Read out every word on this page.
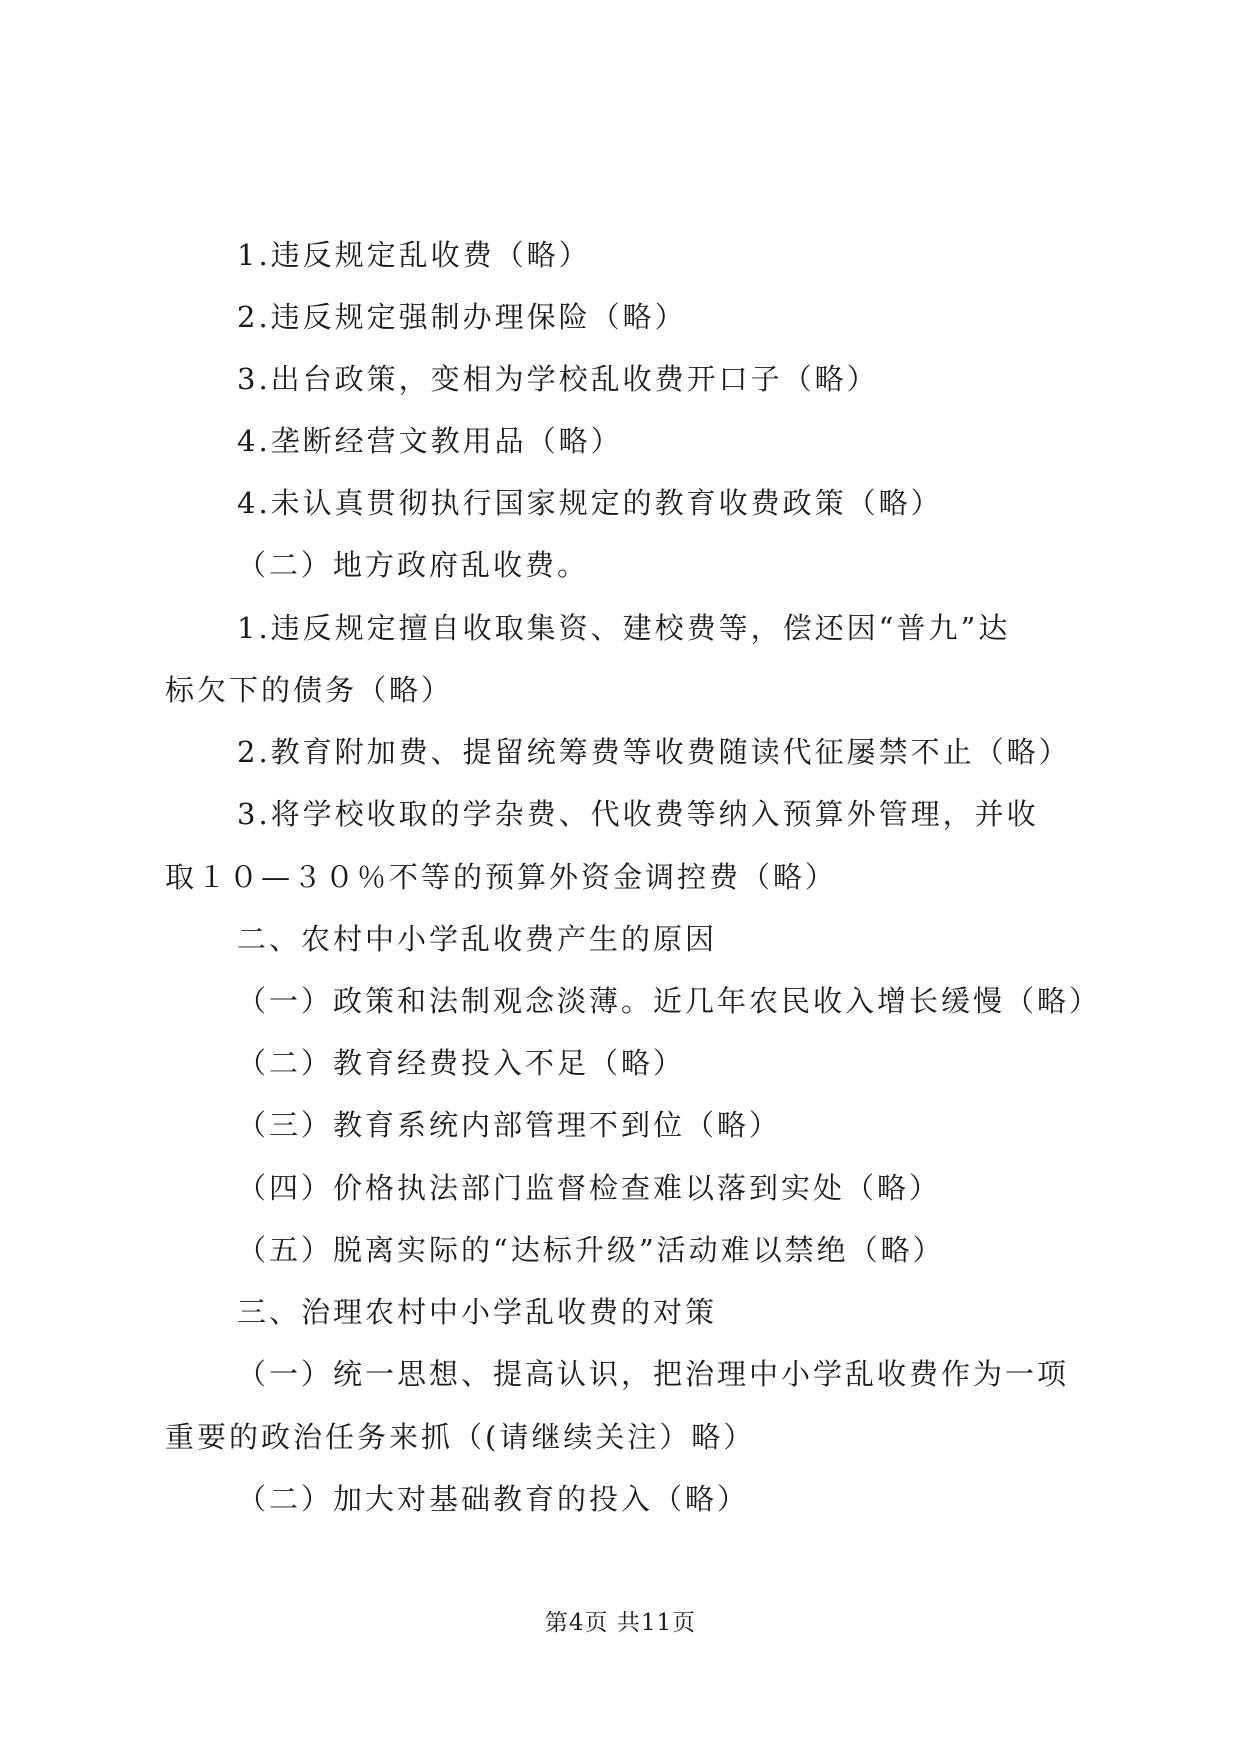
1.违反规定乱收费（略）
2.违反规定强制办理保险（略）
3.出台政策，变相为学校乱收费开口子（略）
4.垄断经营文教用品（略）
4.未认真贯彻执行国家规定的教育收费政策（略）
（二）地方政府乱收费。
1.违反规定擅自收取集资、建校费等，偿还因“普九”达
标欠下的债务（略）
2.教育附加费、提留统筹费等收费随读代征屡禁不止（略）
3.将学校收取的学杂费、代收费等纳入预算外管理，并收
取１０—３０％不等的预算外资金调控费（略）
二、农村中小学乱收费产生的原因
（一）政策和法制观念淡薄。近几年农民收入增长缓慢（略）
（二）教育经费投入不足（略）
（三）教育系统内部管理不到位（略）
（四）价格执法部门监督检查难以落到实处（略）
（五）脱离实际的“达标升级”活动难以禁绝（略）
三、治理农村中小学乱收费的对策
（一）统一思想、提高认识，把治理中小学乱收费作为一项
重要的政治任务来抓（(请继续关注）略）
（二）加大对基础教育的投入（略）
第4页 共11页
